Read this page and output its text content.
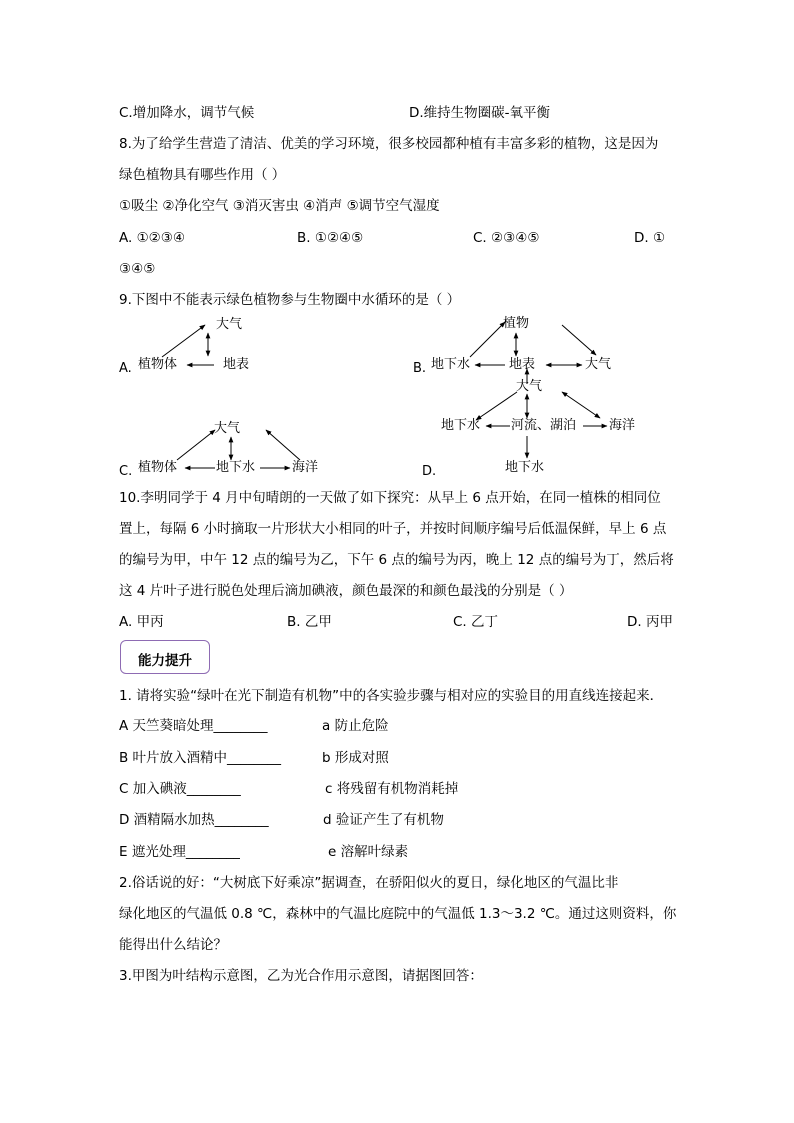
C.增加降水，调节气候	D.维持生物圈碳-氧平衡
8.为了给学生营造了清洁、优美的学习环境，很多校园都种植有丰富多彩的植物，这是因为
绿色植物具有哪些作用（ ）
①吸尘 ②净化空气 ③消灭害虫 ④消声 ⑤调节空气湿度
A. ①②③④	B. ①②④⑤	C. ②③④⑤	D. ①
③④⑤
9.下图中不能表示绿色植物参与生物圈中水循环的是（ ）
A.
大气
植物体	地表	B.
植物
地下水	地表	大气
C.
大气
植物体	地下水	海洋	D.
大气
地下水 河流、湖泊	海洋
地下水
10.李明同学于 4 月中旬晴朗的一天做了如下探究：从早上 6 点开始，在同一植株的相同位
置上，每隔 6 小时摘取一片形状大小相同的叶子，并按时间顺序编号后低温保鲜，早上 6 点
的编号为甲，中午 12 点的编号为乙，下午 6 点的编号为丙，晚上 12 点的编号为丁，然后将
这 4 片叶子进行脱色处理后滴加碘液，颜色最深的和颜色最浅的分别是（ ）
A. 甲丙	B. 乙甲	C. 乙丁	D. 丙甲
能力提升
1. 请将实验“绿叶在光下制造有机物”中的各实验步骤与相对应的实验目的用直线连接起来．
A 天竺葵暗处理________	a 防止危险
B 叶片放入酒精中________	b 形成对照
C 加入碘液________	c 将残留有机物消耗掉
D 酒精隔水加热________	d 验证产生了有机物
E 遮光处理________	e 溶解叶绿素
2.俗话说的好：“大树底下好乘凉”据调查，在骄阳似火的夏日，绿化地区的气温比非
绿化地区的气温低 0.8 ℃，森林中的气温比庭院中的气温低 1.3～3.2 ℃。通过这则资料，你
能得出什么结论？
3.甲图为叶结构示意图，乙为光合作用示意图，请据图回答：
